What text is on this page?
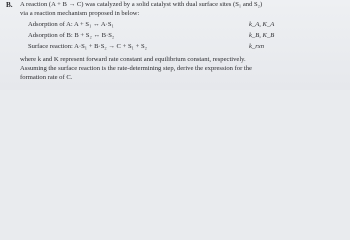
B. A reaction (A + B → C) was catalyzed by a solid catalyst with dual surface sites (S₁ and S₂)
via a reaction mechanism proposed in below:
Adsorption of A: A + S₁ ↔ A·S₁	k_A, K_A
Adsorption of B: B + S₂ ↔ B·S₂	k_B, K_B
Surface reaction: A·S₁ + B·S₂ → C + S₁ + S₂	k_rxn
where k and K represent forward rate constant and equilibrium constant, respectively.
Assuming the surface reaction is the rate-determining step, derive the expression for the
formation rate of C.
